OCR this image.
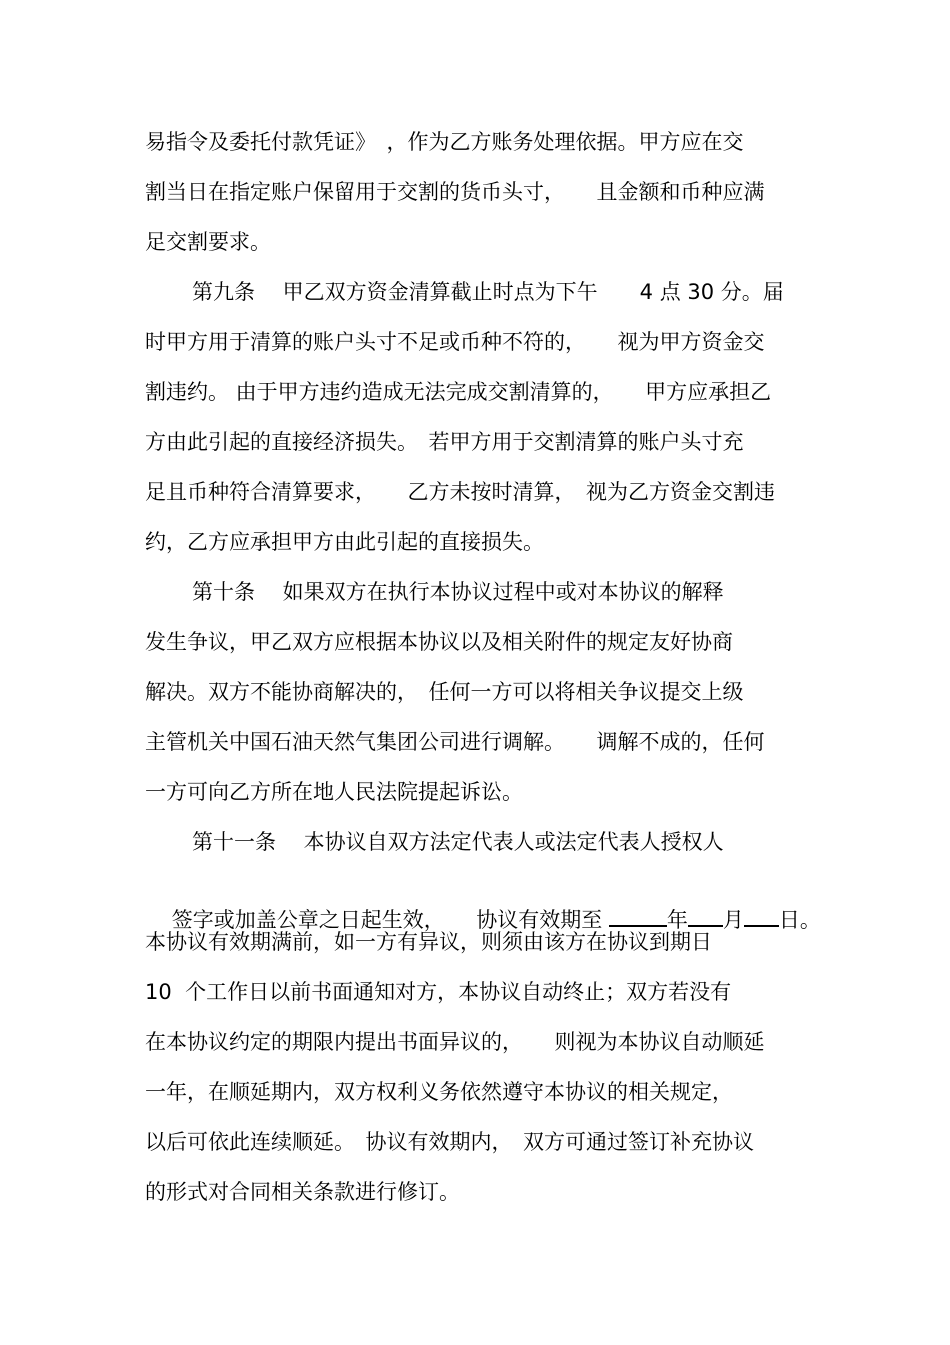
易指令及委托付款凭证》　，作为乙方账务处理依据。甲方应在交
割当日在指定账户保留用于交割的货币头寸，　　且金额和币种应满
足交割要求。
第九条　 甲乙双方资金清算截止时点为下午　　4 点 30 分。届
时甲方用于清算的账户头寸不足或币种不符的，　　视为甲方资金交
割违约。 由于甲方违约造成无法完成交割清算的，　　甲方应承担乙
方由此引起的直接经济损失。　若甲方用于交割清算的账户头寸充
足且币种符合清算要求，　　乙方未按时清算，　视为乙方资金交割违
约，乙方应承担甲方由此引起的直接损失。
第十条　 如果双方在执行本协议过程中或对本协议的解释
发生争议，甲乙双方应根据本协议以及相关附件的规定友好协商
解决。双方不能协商解决的，　任何一方可以将相关争议提交上级
主管机关中国石油天然气集团公司进行调解。　　调解不成的，任何
一方可向乙方所在地人民法院提起诉讼。
第十一条　 本协议自双方法定代表人或法定代表人授权人

签字或加盖公章之日起生效，　　协议有效期至	年 月 日。

本协议有效期满前，如一方有异议，则须由该方在协议到期日
10  个工作日以前书面通知对方，本协议自动终止；双方若没有
在本协议约定的期限内提出书面异议的，　　则视为本协议自动顺延
一年，在顺延期内，双方权利义务依然遵守本协议的相关规定，
以后可依此连续顺延。　协议有效期内，　双方可通过签订补充协议
的形式对合同相关条款进行修订。
